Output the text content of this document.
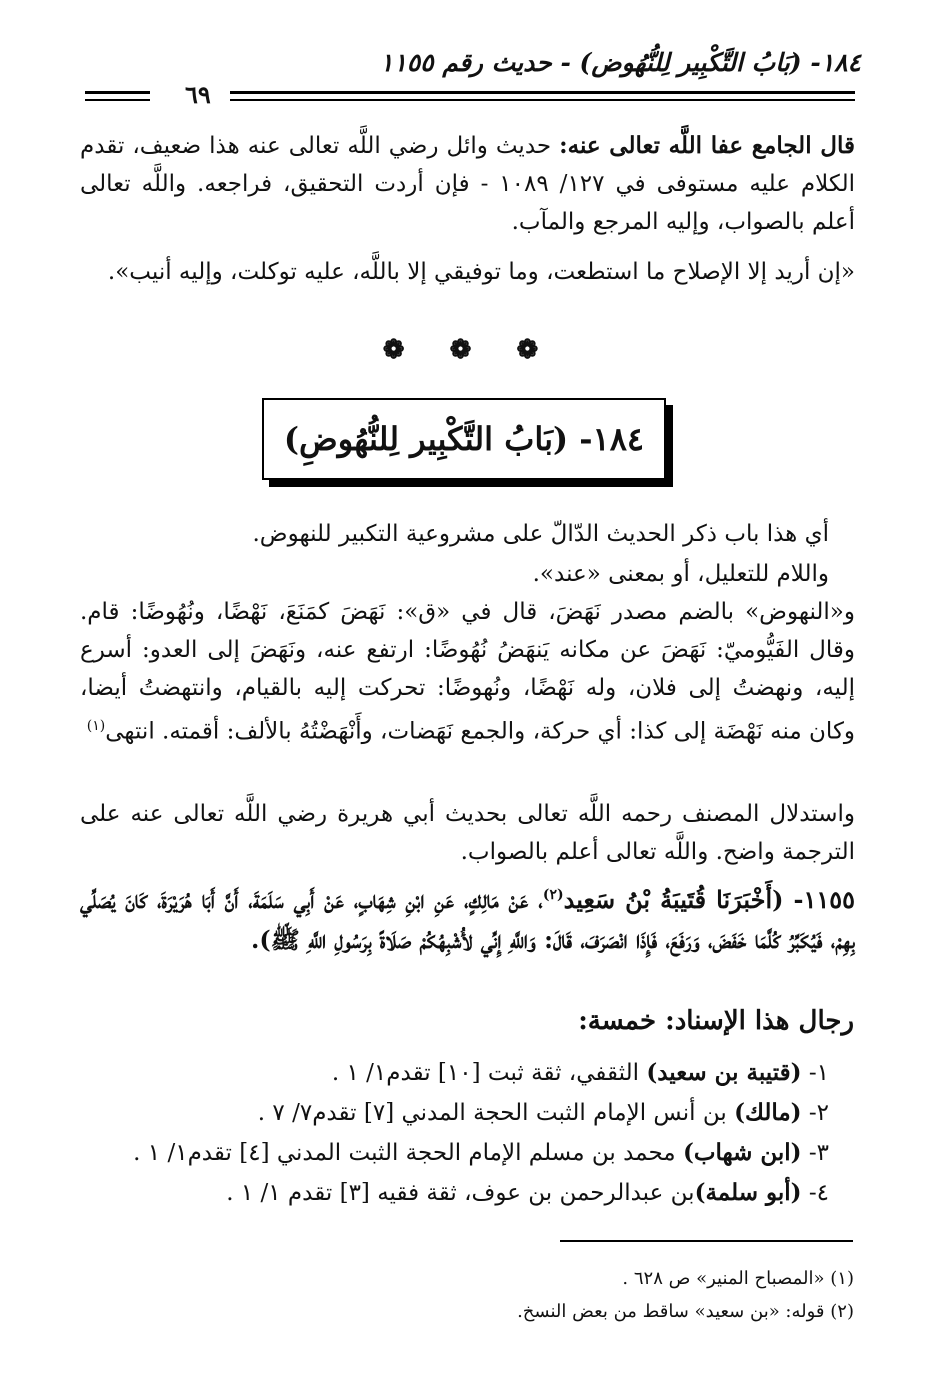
١٨٤- (بَابُ التَّكْبِير لِلنُّهُوض) - حديث رقم ١١٥٥
٦٩
قال الجامع عفا اللَّه تعالى عنه: حديث وائل رضي اللَّه تعالى عنه هذا ضعيف، تقدم الكلام عليه مستوفى في ١٢٧/ ١٠٨٩ - فإن أردت التحقيق، فراجعه. واللَّه تعالى أعلم بالصواب، وإليه المرجع والمآب.
«إن أريد إلا الإصلاح ما استطعت، وما توفيقي إلا باللَّه، عليه توكلت، وإليه أنيب».
❁ ❁ ❁
١٨٤- (بَابُ التَّكْبِير لِلنُّهُوضِ)
أي هذا باب ذكر الحديث الدّالّ على مشروعية التكبير للنهوض.
واللام للتعليل، أو بمعنى «عند».
و«النهوض» بالضم مصدر نَهَضَ، قال في «ق»: نَهَضَ كمَنَعَ، نَهْضًا، ونُهُوضًا: قام. وقال الفَيُّوميّ: نَهَضَ عن مكانه يَنهَضُ نُهُوضًا: ارتفع عنه، ونَهَضَ إلى العدو: أسرع إليه، ونهضتُ إلى فلان، وله نَهْضًا، ونُهوضًا: تحركت إليه بالقيام، وانتهضتُ أيضا، وكان منه نَهْضَة إلى كذا: أي حركة، والجمع نَهَضات، وأَنْهَضْتُهُ بالألف: أقمته. انتهى$^{(١)}$
واستدلال المصنف رحمه اللَّه تعالى بحديث أبي هريرة رضي اللَّه تعالى عنه على الترجمة واضح. واللَّه تعالى أعلم بالصواب.
١١٥٥- (أَخْبَرَنَا قُتَيبَةُ بْنُ سَعِيد$^{(٢)}$، عَنْ مَالِكٍ، عَنِ ابْنِ شِهَابٍ، عَنْ أَبِي سَلَمَةَ، أَنَّ أَبَا هُرَيْرَةَ، كَانَ يُصَلِّي بِهِمْ، فَيُكَبِّرُ كُلَّمَا خَفَضَ، وَرَفَعَ، فَإِذَا انْصَرَفَ، قَالَ: وَاللَّهِ إِنِّي لأُشْبِهُكُمْ صَلَاةً بِرَسُولِ اللَّهِ ﷺ).
رجال هذا الإسناد: خمسة:
١- (قتيبة بن سعيد) الثقفي، ثقة ثبت [١٠] تقدم١/ ١ .
٢- (مالك) بن أنس الإمام الثبت الحجة المدني [٧] تقدم٧/ ٧ .
٣- (ابن شهاب) محمد بن مسلم الإمام الحجة الثبت المدني [٤] تقدم١/ ١ .
٤- (أبو سلمة)بن عبدالرحمن بن عوف، ثقة فقيه [٣] تقدم ١/ ١ .
(١) «المصباح المنير» ص ٦٢٨ .
(٢) قوله: «بن سعيد» ساقط من بعض النسخ.
